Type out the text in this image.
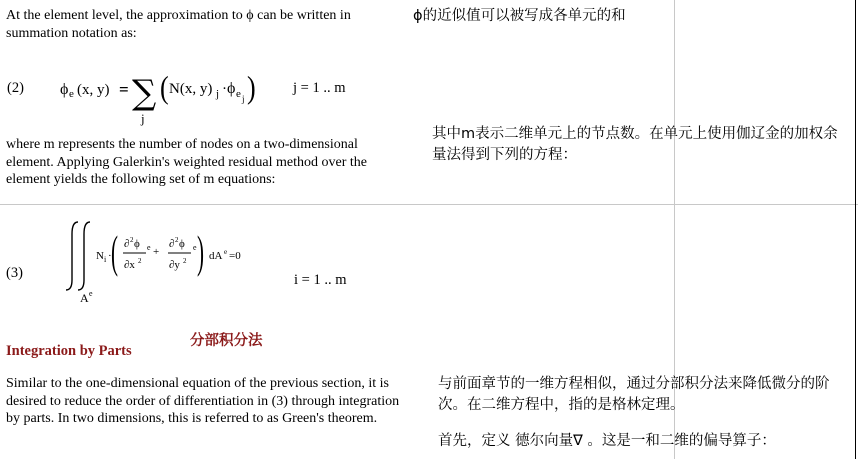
At the element level, the approximation to ϕ can be written in summation notation as:
ϕ的近似值可以被写成各单元的和
(2) ϕ e (x, y) = ∑
j
( N(x, y) j · ϕ e j )	j = 1 .. m
where m represents the number of nodes on a two-dimensional element. Applying Galerkin's weighted residual method over the element yields the following set of m equations:
其中m表示二维单元上的节点数。在单元上使用伽辽金的加权余量法得到下列的方程：
(3)
A e
N i · ( ∂ 2 ϕ e
∂x 2
+
∂ 2 ϕ e
∂y 2 ) dA e =0
i = 1 .. m
Integration by Parts
分部积分法
Similar to the one-dimensional equation of the previous section, it is desired to reduce the order of differentiation in (3) through integration by parts. In two dimensions, this is referred to as Green's theorem.
与前面章节的一维方程相似，通过分部积分法来降低微分的阶次。在二维方程中，指的是格林定理。
首先，定义 德尔向量∇ 。这是一和二维的偏导算子：
